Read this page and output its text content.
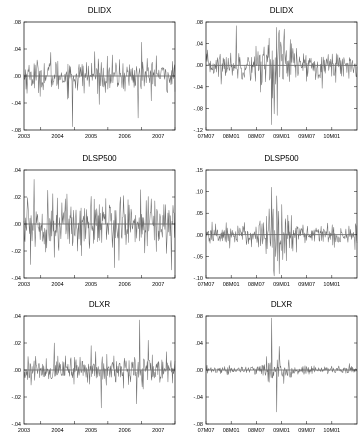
DLIDX
.08
.04
.00
-.04
-.08
2003	2004	2005	2006	2007
DLIDX
.08
.04
.00
-.04
-.08
-.12
07M07 08M01 08M07 09M01 09M07 10M01
DLSP500
.04
.02
.00
-.02
-.04
2003	2004	2005	2006	2007
DLSP500
.15
.10
.05
.00
-.05
-.10
07M07 08M01 08M07 09M01 09M07 10M01
DLXR
.04
.02
.00
-.02
-.04
2003	2004	2005	2006	2007
DLXR
.08
.04
.00
-.04
-.08
07M07 08M01 08M07 09M01 09M07 10M01
